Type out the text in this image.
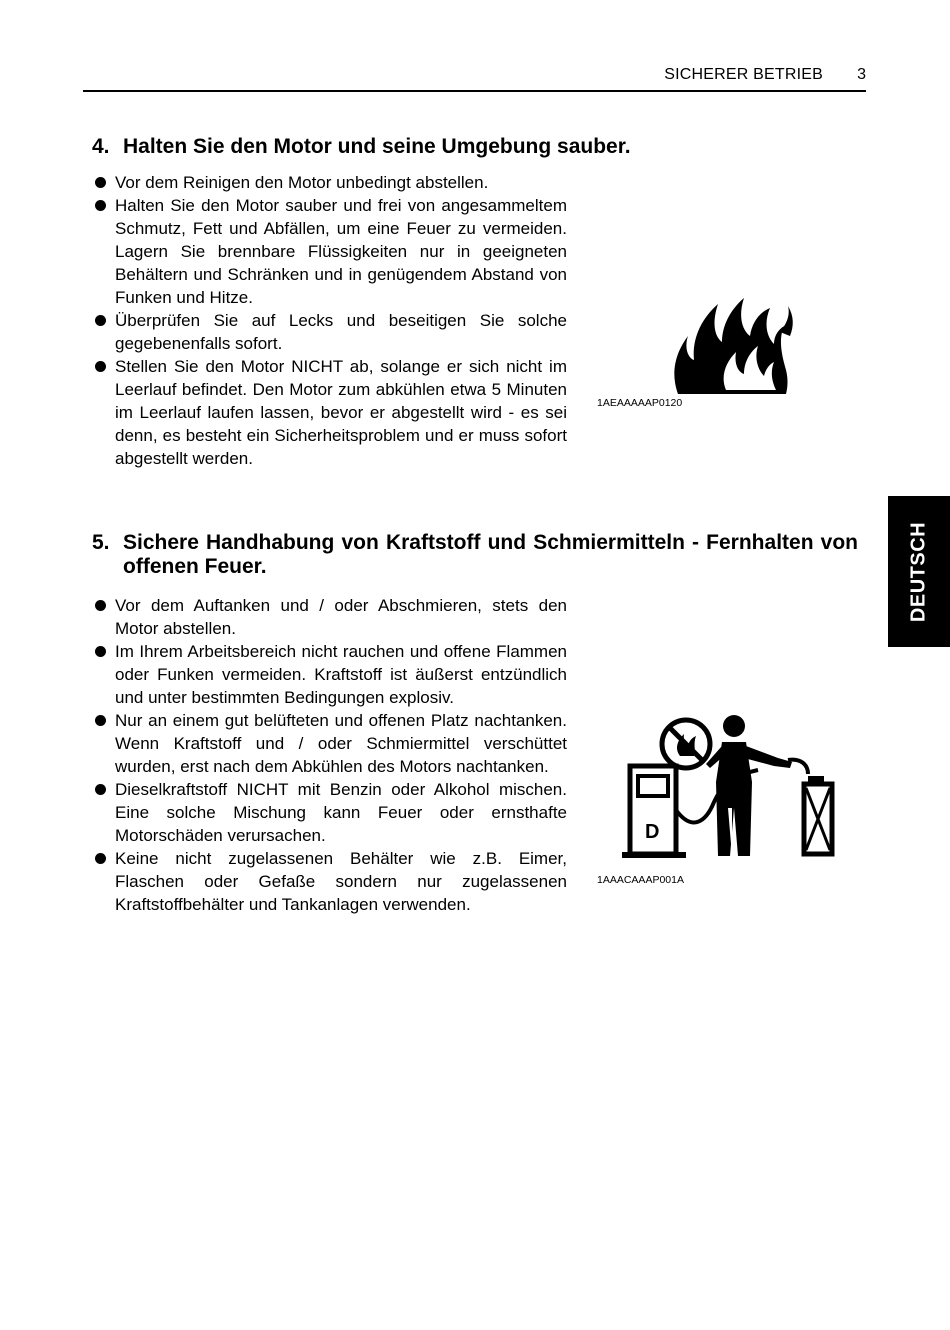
SICHERER BETRIEB 3
DEUTSCH
4. Halten Sie den Motor und seine Umgebung sauber.
Vor dem Reinigen den Motor unbedingt abstellen.
Halten Sie den Motor sauber und frei von angesammeltem Schmutz, Fett und Abfällen, um eine Feuer zu vermeiden. Lagern Sie brennbare Flüssigkeiten nur in geeigneten Behältern und Schränken und in genügendem Abstand von Funken und Hitze.
Überprüfen Sie auf Lecks und beseitigen Sie solche gegebenenfalls sofort.
Stellen Sie den Motor NICHT ab, solange er sich nicht im Leerlauf befindet. Den Motor zum abkühlen etwa 5 Minuten im Leerlauf laufen lassen, bevor er abgestellt wird - es sei denn, es besteht ein Sicherheitsproblem und er muss sofort abgestellt werden.
1AEAAAAAP0120
5. Sichere Handhabung von Kraftstoff und Schmiermitteln - Fernhalten von offenen Feuer.
Vor dem Auftanken und / oder Abschmieren, stets den Motor abstellen.
Im Ihrem Arbeitsbereich nicht rauchen und offene Flammen oder Funken vermeiden. Kraftstoff ist äußerst entzündlich und unter bestimmten Bedingungen explosiv.
Nur an einem gut belüfteten und offenen Platz nachtanken. Wenn Kraftstoff und / oder Schmiermittel verschüttet wurden, erst nach dem Abkühlen des Motors nachtanken.
Dieselkraftstoff NICHT mit Benzin oder Alkohol mischen. Eine solche Mischung kann Feuer oder ernsthafte Motorschäden verursachen.
Keine nicht zugelassenen Behälter wie z.B. Eimer, Flaschen oder Gefaße sondern nur zugelassenen Kraftstoffbehälter und Tankanlagen verwenden.
D
1AAACAAAP001A
